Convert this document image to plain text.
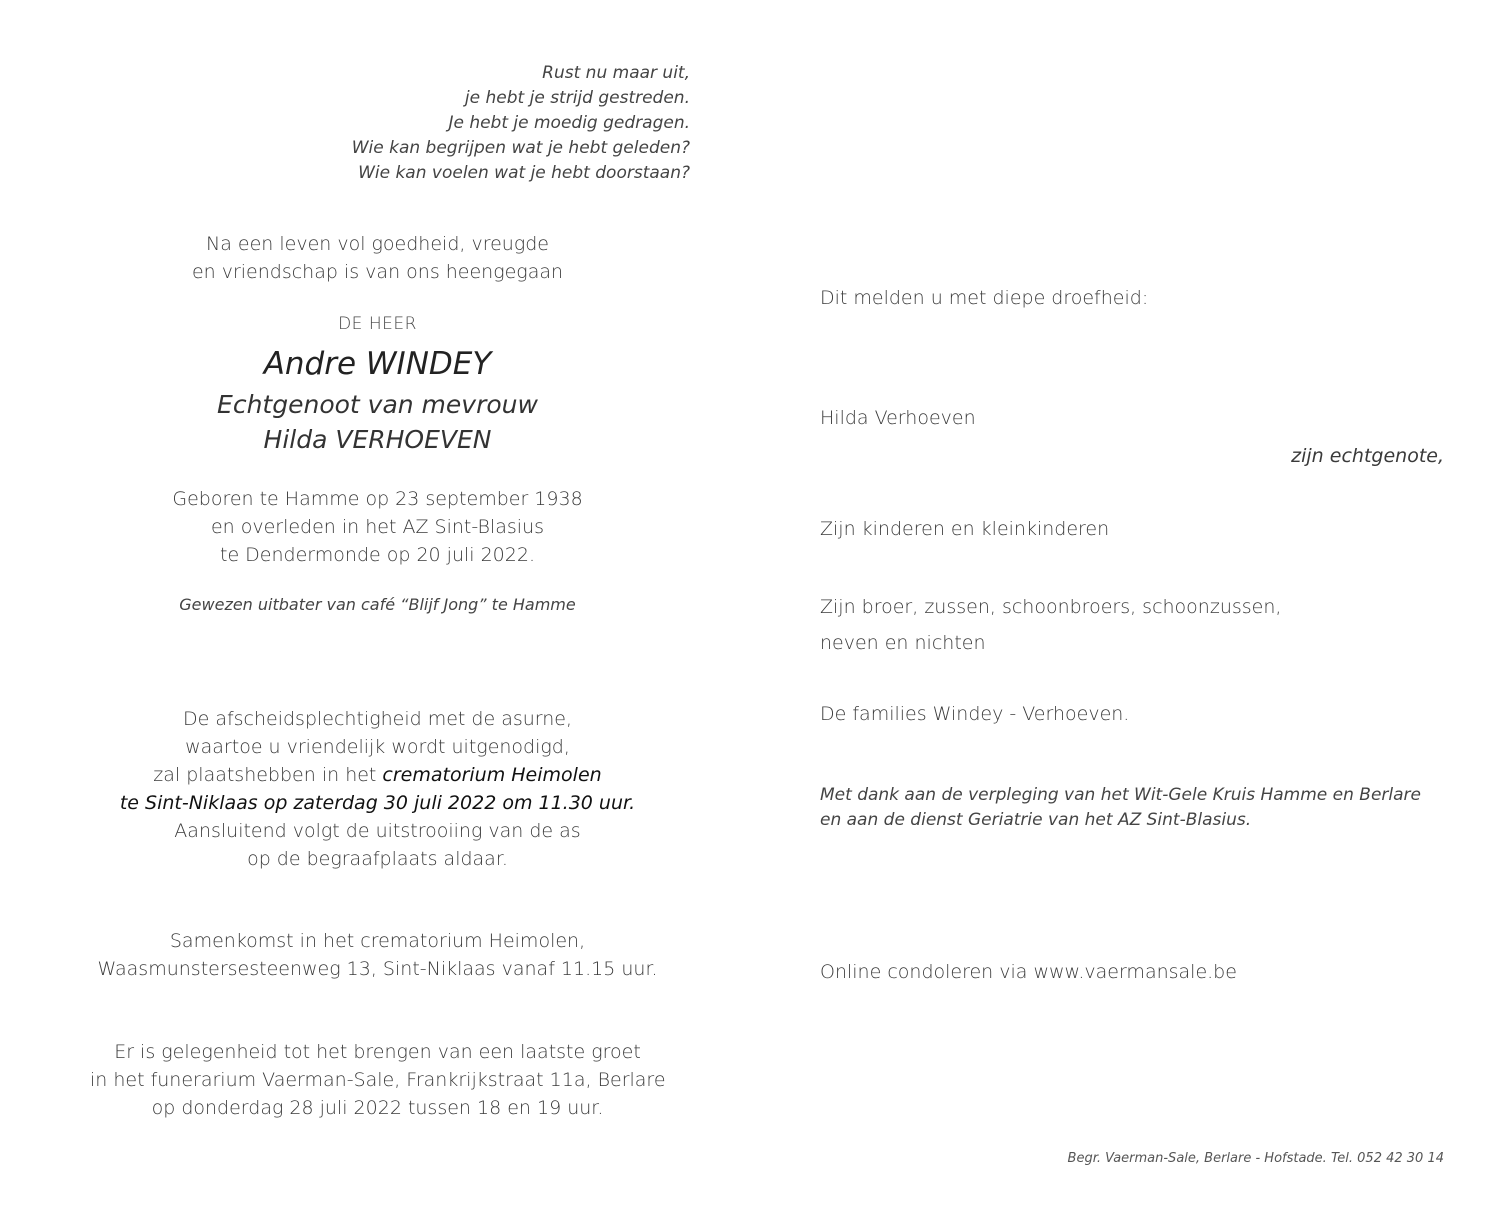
Rust nu maar uit,
je hebt je strijd gestreden.
Je hebt je moedig gedragen.
Wie kan begrijpen wat je hebt geleden?
Wie kan voelen wat je hebt doorstaan?
Na een leven vol goedheid, vreugde
en vriendschap is van ons heengegaan
DE HEER
Andre WINDEY
Echtgenoot van mevrouw
Hilda VERHOEVEN
Geboren te Hamme op 23 september 1938
en overleden in het AZ Sint-Blasius
te Dendermonde op 20 juli 2022.
Gewezen uitbater van café “Blijf Jong” te Hamme
De afscheidsplechtigheid met de asurne,
waartoe u vriendelijk wordt uitgenodigd,
zal plaatshebben in het crematorium Heimolen
te Sint-Niklaas op zaterdag 30 juli 2022 om 11.30 uur.
Aansluitend volgt de uitstrooiing van de as
op de begraafplaats aldaar.
Samenkomst in het crematorium Heimolen,
Waasmunstersesteenweg 13, Sint-Niklaas vanaf 11.15 uur.
Er is gelegenheid tot het brengen van een laatste groet
in het funerarium Vaerman-Sale, Frankrijkstraat 11a, Berlare
op donderdag 28 juli 2022 tussen 18 en 19 uur.
Dit melden u met diepe droefheid:
Hilda Verhoeven
zijn echtgenote,
Zijn kinderen en kleinkinderen
Zijn broer, zussen, schoonbroers, schoonzussen,
neven en nichten
De families Windey - Verhoeven.
Met dank aan de verpleging van het Wit-Gele Kruis Hamme en Berlare
en aan de dienst Geriatrie van het AZ Sint-Blasius.
Online condoleren via www.vaermansale.be
Begr. Vaerman-Sale, Berlare - Hofstade. Tel. 052 42 30 14
